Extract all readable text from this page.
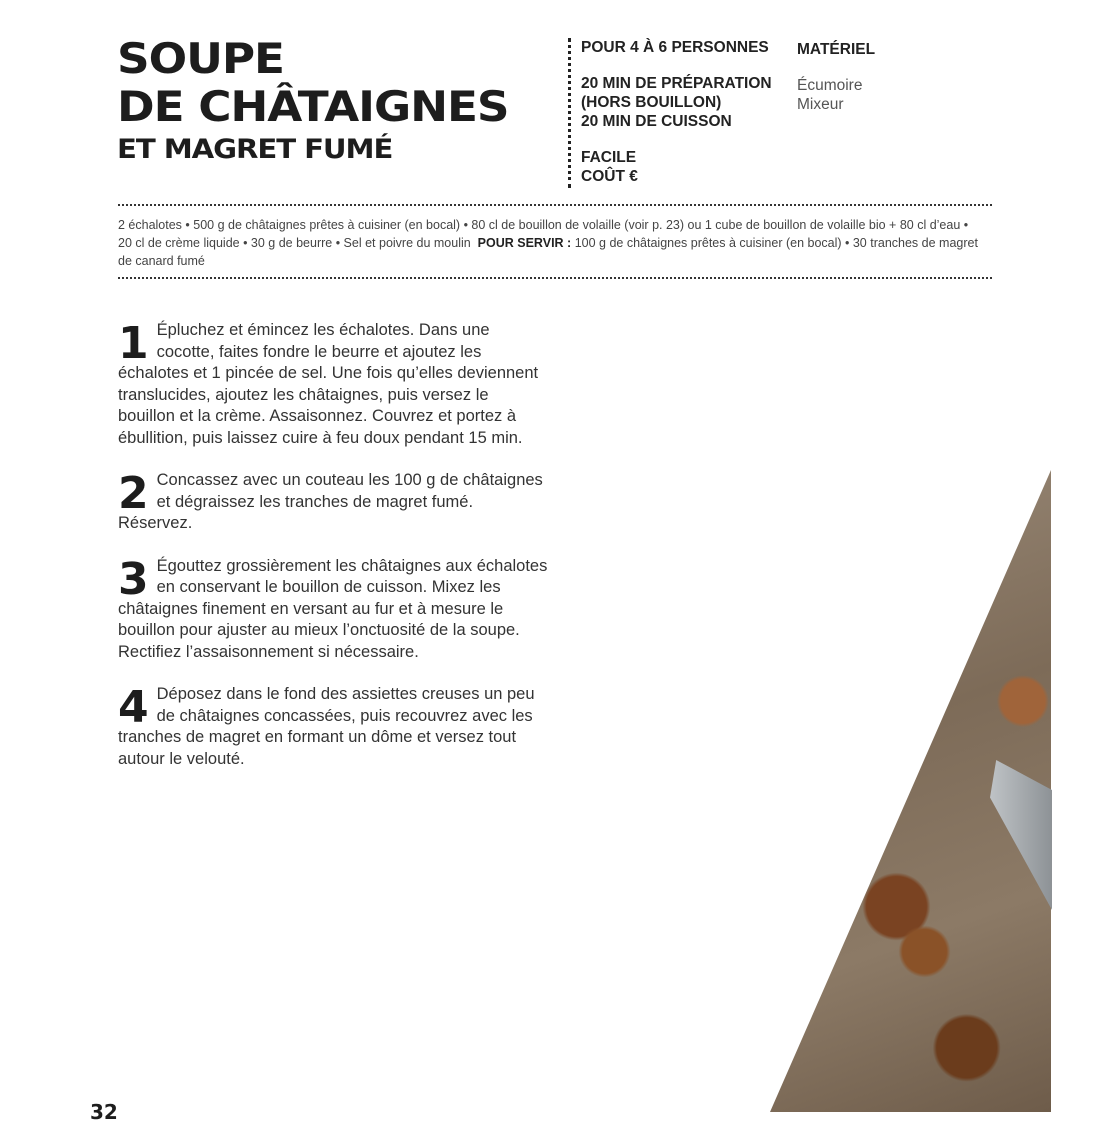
SOUPE
DE CHÂTAIGNES
ET MAGRET FUMÉ
POUR 4 À 6 PERSONNES
20 MIN DE PRÉPARATION
(HORS BOUILLON)
20 MIN DE CUISSON
FACILE
COÛT €
MATÉRIEL
Écumoire
Mixeur
2 échalotes • 500 g de châtaignes prêtes à cuisiner (en bocal) • 80 cl de bouillon de volaille (voir p. 23) ou 1 cube de bouillon de volaille bio + 80 cl d’eau • 20 cl de crème liquide • 30 g de beurre • Sel et poivre du moulin POUR SERVIR : 100 g de châtaignes prêtes à cuisiner (en bocal) • 30 tranches de magret de canard fumé
1 Épluchez et émincez les échalotes. Dans une cocotte, faites fondre le beurre et ajoutez les échalotes et 1 pincée de sel. Une fois qu’elles deviennent translucides, ajoutez les châtaignes, puis versez le bouillon et la crème. Assaisonnez. Couvrez et portez à ébullition, puis laissez cuire à feu doux pendant 15 min.
2 Concassez avec un couteau les 100 g de châtaignes et dégraissez les tranches de magret fumé. Réservez.
3 Égouttez grossièrement les châtaignes aux échalotes en conservant le bouillon de cuisson. Mixez les châtaignes finement en versant au fur et à mesure le bouillon pour ajuster au mieux l’onctuosité de la soupe. Rectifiez l’assaisonnement si nécessaire.
4 Déposez dans le fond des assiettes creuses un peu de châtaignes concassées, puis recouvrez avec les tranches de magret en formant un dôme et versez tout autour le velouté.
32
